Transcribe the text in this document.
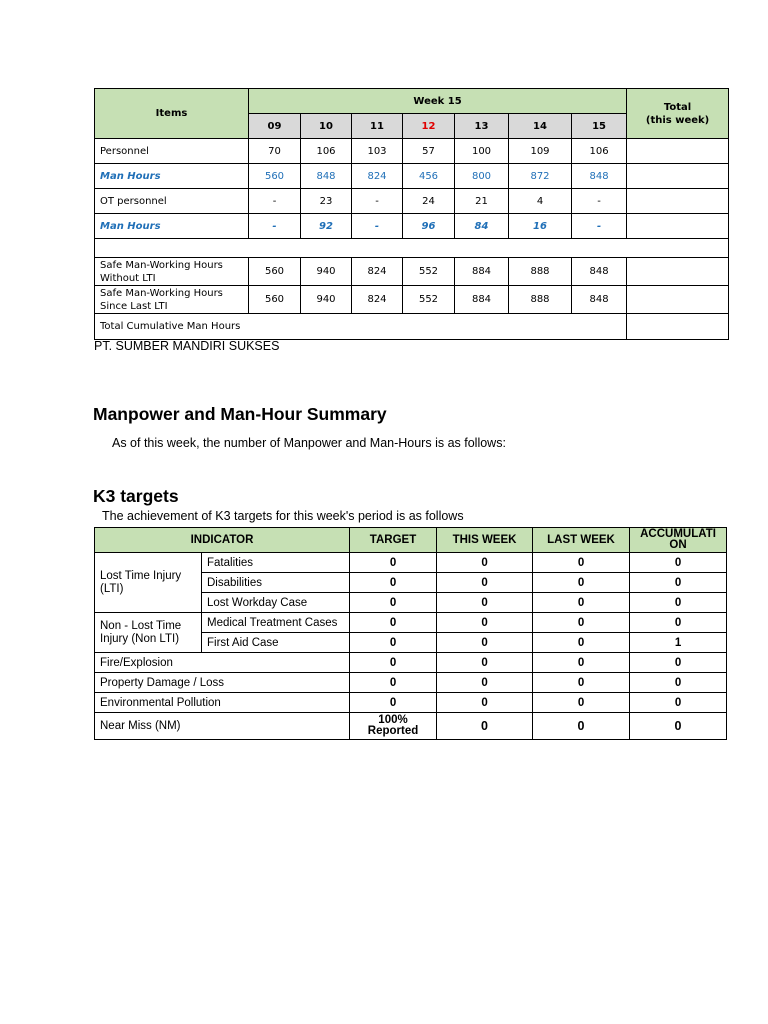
Items	Week 15							Total
(this week)
	09	10	11	12	13	14	15	
Personnel	70	106	103	57	100	109	106	
Man Hours	560	848	824	456	800	872	848	
OT personnel	-	23	-	24	21	4	-	
Man Hours	-	92	-	96	84	16	-	

Safe Man-Working Hours
Without LTI	560	940	824	552	884	888	848	
Safe Man-Working Hours
Since Last LTI	560	940	824	552	884	888	848	
Total Cumulative Man Hours								
PT. SUMBER MANDIRI SUKSES
Manpower and Man-Hour Summary
As of this week, the number of Manpower and Man-Hours is as follows:
K3 targets
The achievement of K3 targets for this week's period is as follows
INDICATOR		TARGET	THIS WEEK	LAST WEEK	ACCUMULATI
ON
Lost Time Injury
(LTI)	Fatalities	0	0	0	0
	Disabilities	0	0	0	0
	Lost Workday Case	0	0	0	0
Non - Lost Time
Injury (Non LTI)	Medical Treatment Cases	0	0	0	0
	First Aid Case	0	0	0	1
Fire/Explosion		0	0	0	0
Property Damage / Loss		0	0	0	0
Environmental Pollution		0	0	0	0
Near Miss (NM)		100%
Reported	0	0	0
